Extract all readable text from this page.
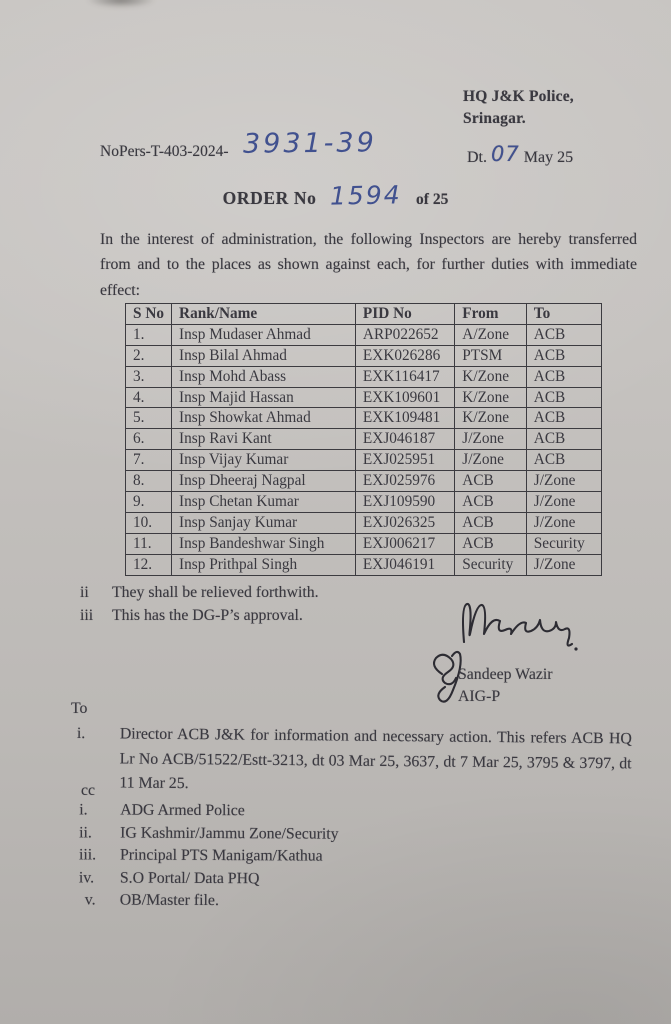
HQ J&K Police,
Srinagar.
NoPers-T-403-2024- 3931-39	Dt. 07 May 25
ORDER No 1594 of 25
In the interest of administration, the following Inspectors are hereby transferred from and to the places as shown against each, for further duties with immediate effect:
S No	Rank/Name	PID No	From	To
1.	Insp Mudaser Ahmad	ARP022652	A/Zone	ACB
2.	Insp Bilal Ahmad	EXK026286	PTSM	ACB
3.	Insp Mohd Abass	EXK116417	K/Zone	ACB
4.	Insp Majid Hassan	EXK109601	K/Zone	ACB
5.	Insp Showkat Ahmad	EXK109481	K/Zone	ACB
6.	Insp Ravi Kant	EXJ046187	J/Zone	ACB
7.	Insp Vijay Kumar	EXJ025951	J/Zone	ACB
8.	Insp Dheeraj Nagpal	EXJ025976	ACB	J/Zone
9.	Insp Chetan Kumar	EXJ109590	ACB	J/Zone
10.	Insp Sanjay Kumar	EXJ026325	ACB	J/Zone
11.	Insp Bandeshwar Singh	EXJ006217	ACB	Security
12.	Insp Prithpal Singh	EXJ046191	Security	J/Zone
ii	They shall be relieved forthwith.
iii	This has the DG-P’s approval.
Sandeep Wazir
AIG-P
To
i.	Director ACB J&K for information and necessary action. This refers ACB HQ Lr No ACB/51522/Estt-3213, dt 03 Mar 25, 3637, dt 7 Mar 25, 3795 & 3797, dt 11 Mar 25.
cc
i.	ADG Armed Police
ii.	IG Kashmir/Jammu Zone/Security
iii.	Principal PTS Manigam/Kathua
iv.	S.O Portal/ Data PHQ
v.	OB/Master file.
